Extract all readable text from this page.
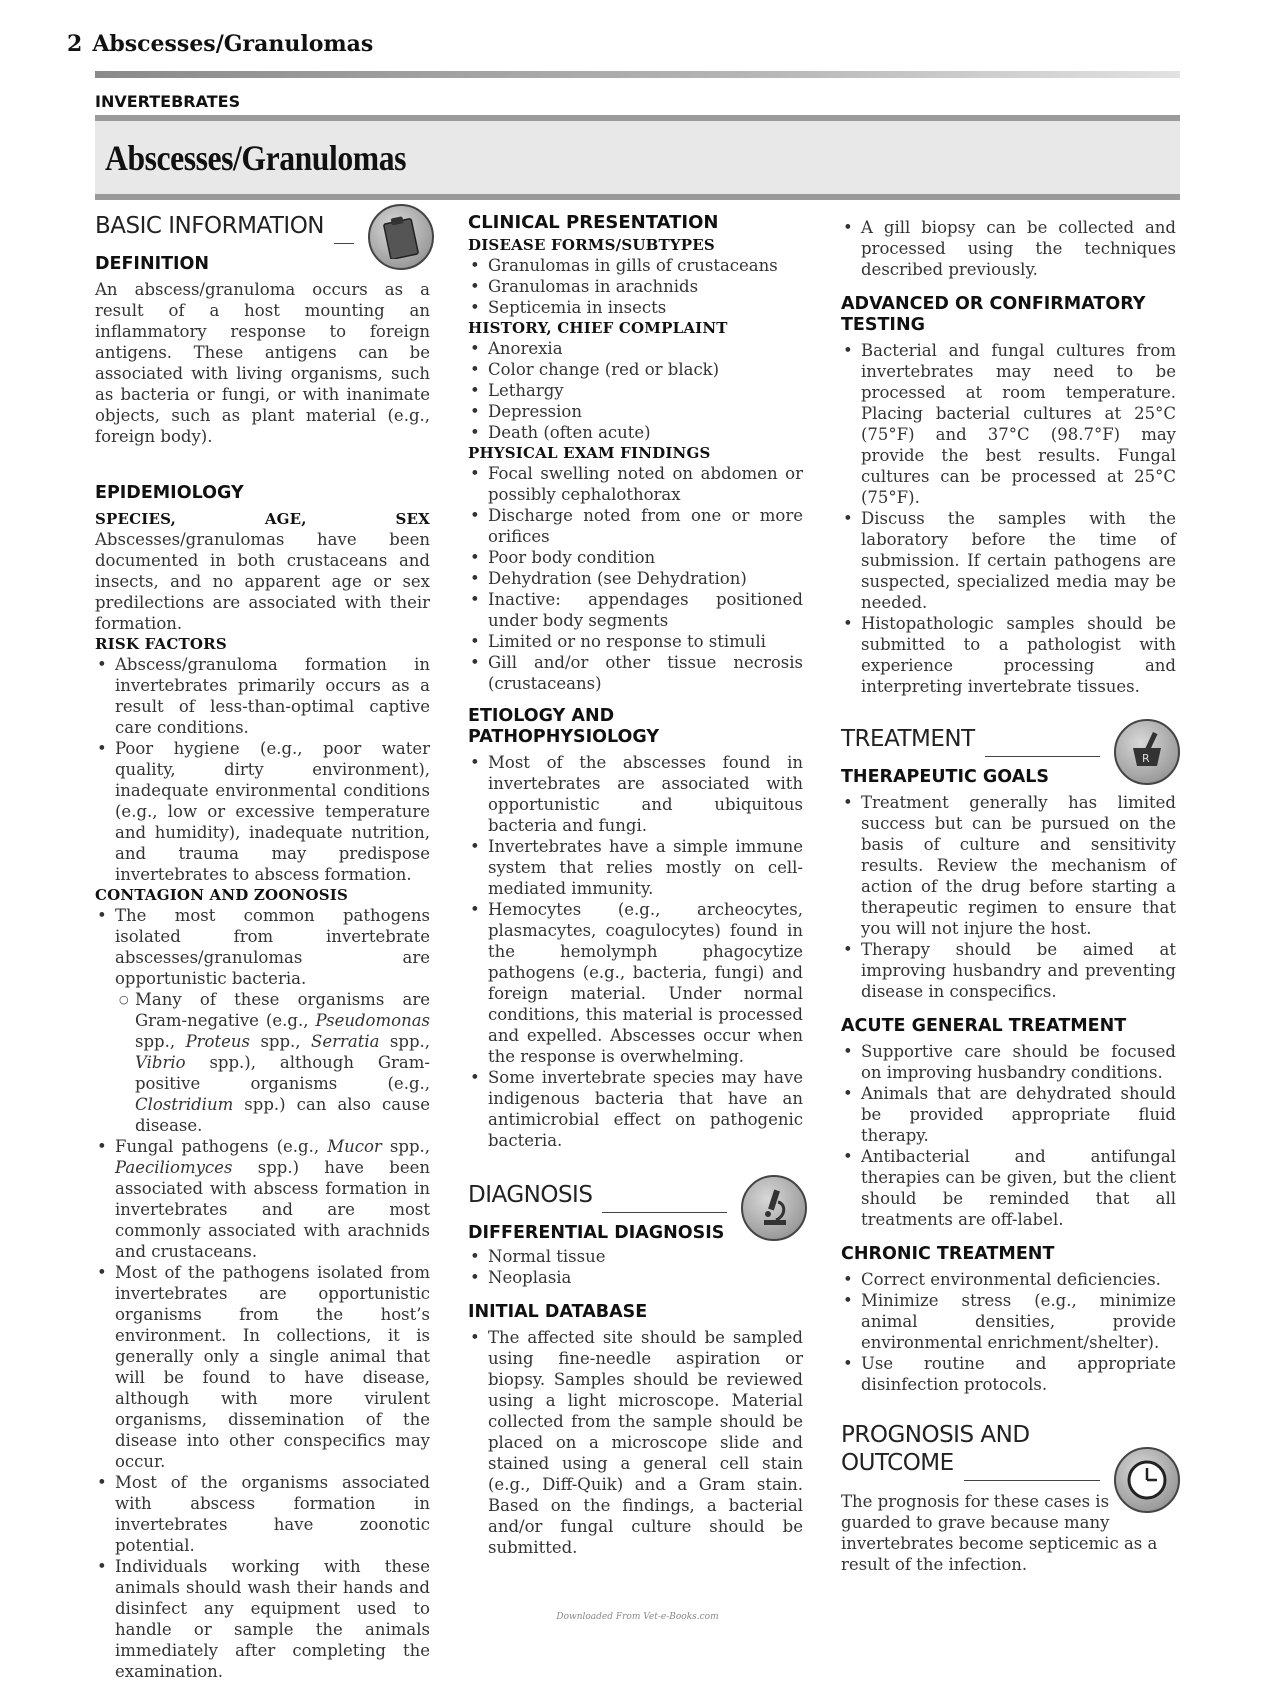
2 Abscesses/Granulomas
INVERTEBRATES
Abscesses/Granulomas
BASIC INFORMATION
DEFINITION

An abscess/granuloma occurs as a result of a host mounting an inflammatory response to foreign antigens. These antigens can be associated with living organisms, such as bacteria or fungi, or with inanimate objects, such as plant material (e.g., foreign body).

EPIDEMIOLOGY

SPECIES, AGE, SEX Abscesses/granulomas have been documented in both crustaceans and insects, and no apparent age or sex predilections are associated with their formation.

RISK FACTORS
• Abscess/granuloma formation in invertebrates primarily occurs as a result of less-than-optimal captive care conditions.
• Poor hygiene (e.g., poor water quality, dirty environment), inadequate environmental conditions (e.g., low or excessive temperature and humidity), inadequate nutrition, and trauma may predispose invertebrates to abscess formation.
CONTAGION AND ZOONOSIS
• The most common pathogens isolated from invertebrate abscesses/granulomas are opportunistic bacteria.
○ Many of these organisms are Gram-negative (e.g., Pseudomonas spp., Proteus spp., Serratia spp., Vibrio spp.), although Gram-positive organisms (e.g., Clostridium spp.) can also cause disease.
• Fungal pathogens (e.g., Mucor spp., Paeciliomyces spp.) have been associated with abscess formation in invertebrates and are most commonly associated with arachnids and crustaceans.
• Most of the pathogens isolated from invertebrates are opportunistic organisms from the host’s environment. In collections, it is generally only a single animal that will be found to have disease, although with more virulent organisms, dissemination of the disease into other conspecifics may occur.
• Most of the organisms associated with abscess formation in invertebrates have zoonotic potential.
• Individuals working with these animals should wash their hands and disinfect any equipment used to handle or sample the animals immediately after completing the examination.
CLINICAL PRESENTATION
DISEASE FORMS/SUBTYPES
• Granulomas in gills of crustaceans
• Granulomas in arachnids
• Septicemia in insects
HISTORY, CHIEF COMPLAINT
• Anorexia
• Color change (red or black)
• Lethargy
• Depression
• Death (often acute)
PHYSICAL EXAM FINDINGS
• Focal swelling noted on abdomen or possibly cephalothorax
• Discharge noted from one or more orifices
• Poor body condition
• Dehydration (see Dehydration)
• Inactive: appendages positioned under body segments
• Limited or no response to stimuli
• Gill and/or other tissue necrosis (crustaceans)
ETIOLOGY AND PATHOPHYSIOLOGY
• Most of the abscesses found in invertebrates are associated with opportunistic and ubiquitous bacteria and fungi.
• Invertebrates have a simple immune system that relies mostly on cell-mediated immunity.
• Hemocytes (e.g., archeocytes, plasmacytes, coagulocytes) found in the hemolymph phagocytize pathogens (e.g., bacteria, fungi) and foreign material. Under normal conditions, this material is processed and expelled. Abscesses occur when the response is overwhelming.
• Some invertebrate species may have indigenous bacteria that have an antimicrobial effect on pathogenic bacteria.
DIAGNOSIS
DIFFERENTIAL DIAGNOSIS
• Normal tissue
• Neoplasia
INITIAL DATABASE
• The affected site should be sampled using fine-needle aspiration or biopsy. Samples should be reviewed using a light microscope. Material collected from the sample should be placed on a microscope slide and stained using a general cell stain (e.g., Diff-Quik) and a Gram stain. Based on the findings, a bacterial and/or fungal culture should be submitted.
• A gill biopsy can be collected and processed using the techniques described previously.
ADVANCED OR CONFIRMATORY TESTING
• Bacterial and fungal cultures from invertebrates may need to be processed at room temperature. Placing bacterial cultures at 25°C (75°F) and 37°C (98.7°F) may provide the best results. Fungal cultures can be processed at 25°C (75°F).
• Discuss the samples with the laboratory before the time of submission. If certain pathogens are suspected, specialized media may be needed.
• Histopathologic samples should be submitted to a pathologist with experience processing and interpreting invertebrate tissues.
TREATMENT
R
THERAPEUTIC GOALS
• Treatment generally has limited success but can be pursued on the basis of culture and sensitivity results. Review the mechanism of action of the drug before starting a therapeutic regimen to ensure that you will not injure the host.
• Therapy should be aimed at improving husbandry and preventing disease in conspecifics.
ACUTE GENERAL TREATMENT
• Supportive care should be focused on improving husbandry conditions.
• Animals that are dehydrated should be provided appropriate fluid therapy.
• Antibacterial and antifungal therapies can be given, but the client should be reminded that all treatments are off-label.
CHRONIC TREATMENT
• Correct environmental deficiencies.
• Minimize stress (e.g., minimize animal densities, provide environmental enrichment/shelter).
• Use routine and appropriate disinfection protocols.
PROGNOSIS AND
OUTCOME

The prognosis for these cases is guarded to grave because many invertebrates become septicemic as a result of the infection.

Downloaded From Vet-e-Books.com
